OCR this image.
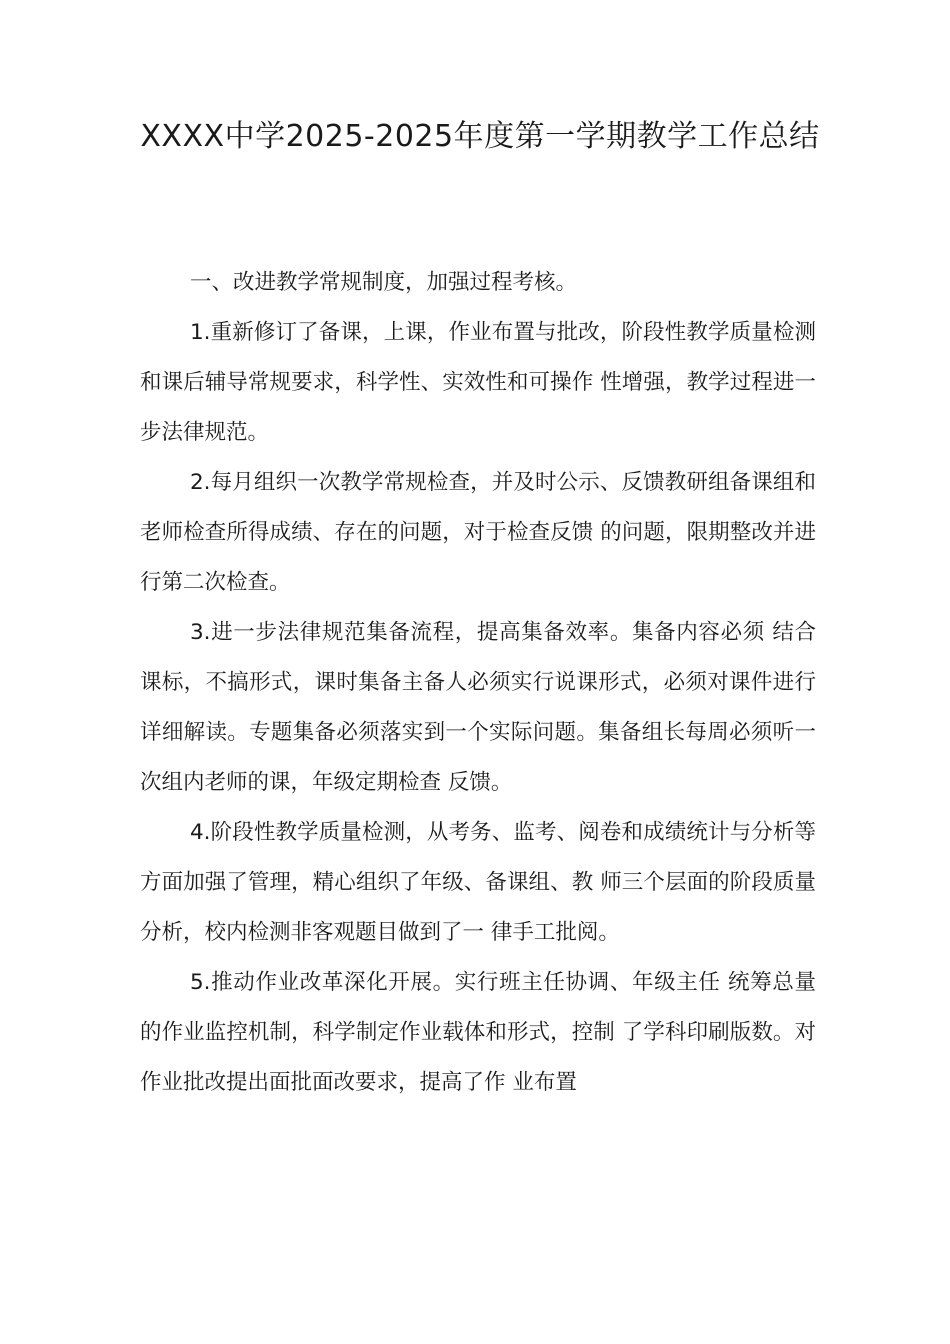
XXXX中学2025-2025年度第一学期教学工作总结

一、改进教学常规制度，加强过程考核。

1.重新修订了备课，上课，作业布置与批改，阶段性教学质量检测和课后辅导常规要求，科学性、实效性和可操作 性增强，教学过程进一步法律规范。

2.每月组织一次教学常规检查，并及时公示、反馈教研组备课组和老师检查所得成绩、存在的问题，对于检查反馈 的问题，限期整改并进行第二次检查。

3.进一步法律规范集备流程，提高集备效率。集备内容必须 结合课标，不搞形式，课时集备主备人必须实行说课形式，必须对课件进行详细解读。专题集备必须落实到一个实际问题。集备组长每周必须听一次组内老师的课，年级定期检查 反馈。

4.阶段性教学质量检测，从考务、监考、阅卷和成绩统计与分析等方面加强了管理，精心组织了年级、备课组、教 师三个层面的阶段质量分析，校内检测非客观题目做到了一 律手工批阅。

5.推动作业改革深化开展。实行班主任协调、年级主任 统筹总量的作业监控机制，科学制定作业载体和形式，控制 了学科印刷版数。对作业批改提出面批面改要求，提高了作 业布置
